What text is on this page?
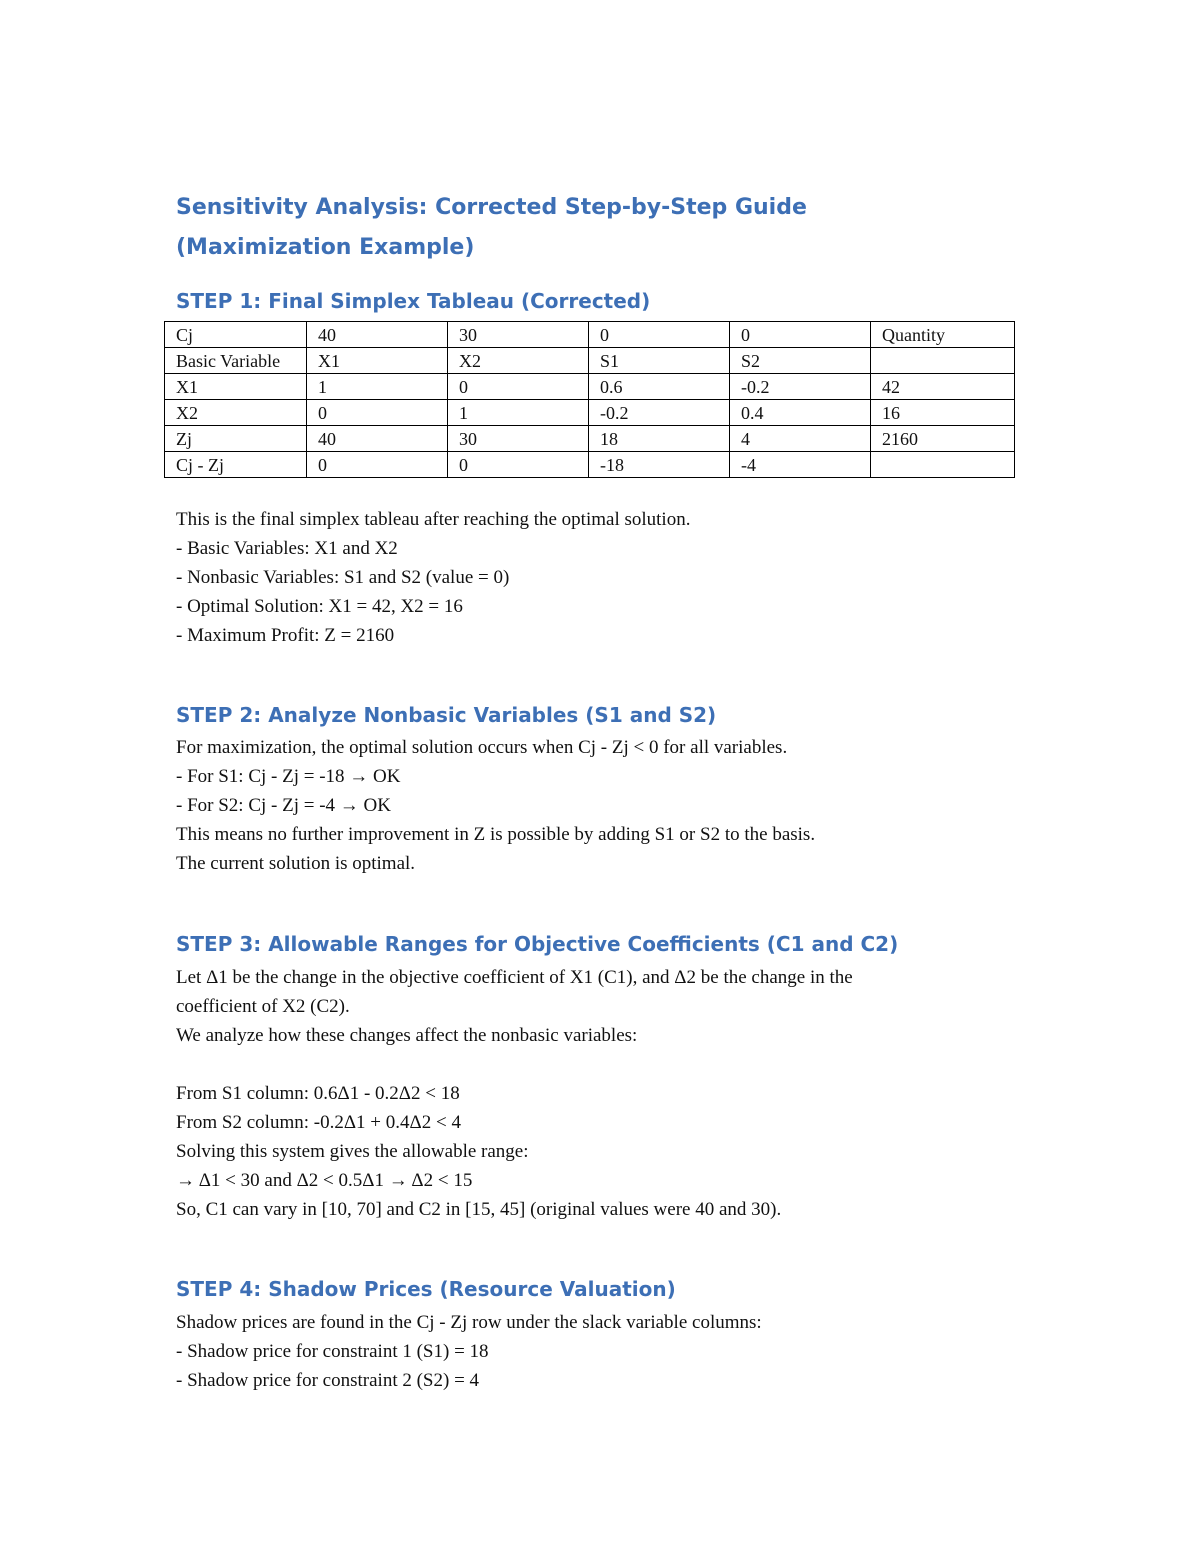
Sensitivity Analysis: Corrected Step-by-Step Guide (Maximization Example)
STEP 1: Final Simplex Tableau (Corrected)
Cj	40	30	0	0	Quantity
Basic Variable	X1	X2	S1	S2	
X1	1	0	0.6	-0.2	42
X2	0	1	-0.2	0.4	16
Zj	40	30	18	4	2160
Cj - Zj	0	0	-18	-4	
This is the final simplex tableau after reaching the optimal solution.
- Basic Variables: X1 and X2
- Nonbasic Variables: S1 and S2 (value = 0)
- Optimal Solution: X1 = 42, X2 = 16
- Maximum Profit: Z = 2160
STEP 2: Analyze Nonbasic Variables (S1 and S2)
For maximization, the optimal solution occurs when Cj - Zj < 0 for all variables.
- For S1: Cj - Zj = -18 → OK
- For S2: Cj - Zj = -4 → OK
This means no further improvement in Z is possible by adding S1 or S2 to the basis.
The current solution is optimal.
STEP 3: Allowable Ranges for Objective Coefficients (C1 and C2)
Let Δ1 be the change in the objective coefficient of X1 (C1), and Δ2 be the change in the
coefficient of X2 (C2).
We analyze how these changes affect the nonbasic variables:
From S1 column: 0.6Δ1 - 0.2Δ2 < 18
From S2 column: -0.2Δ1 + 0.4Δ2 < 4
Solving this system gives the allowable range:
→ Δ1 < 30 and Δ2 < 0.5Δ1 → Δ2 < 15
So, C1 can vary in [10, 70] and C2 in [15, 45] (original values were 40 and 30).
STEP 4: Shadow Prices (Resource Valuation)
Shadow prices are found in the Cj - Zj row under the slack variable columns:
- Shadow price for constraint 1 (S1) = 18
- Shadow price for constraint 2 (S2) = 4
